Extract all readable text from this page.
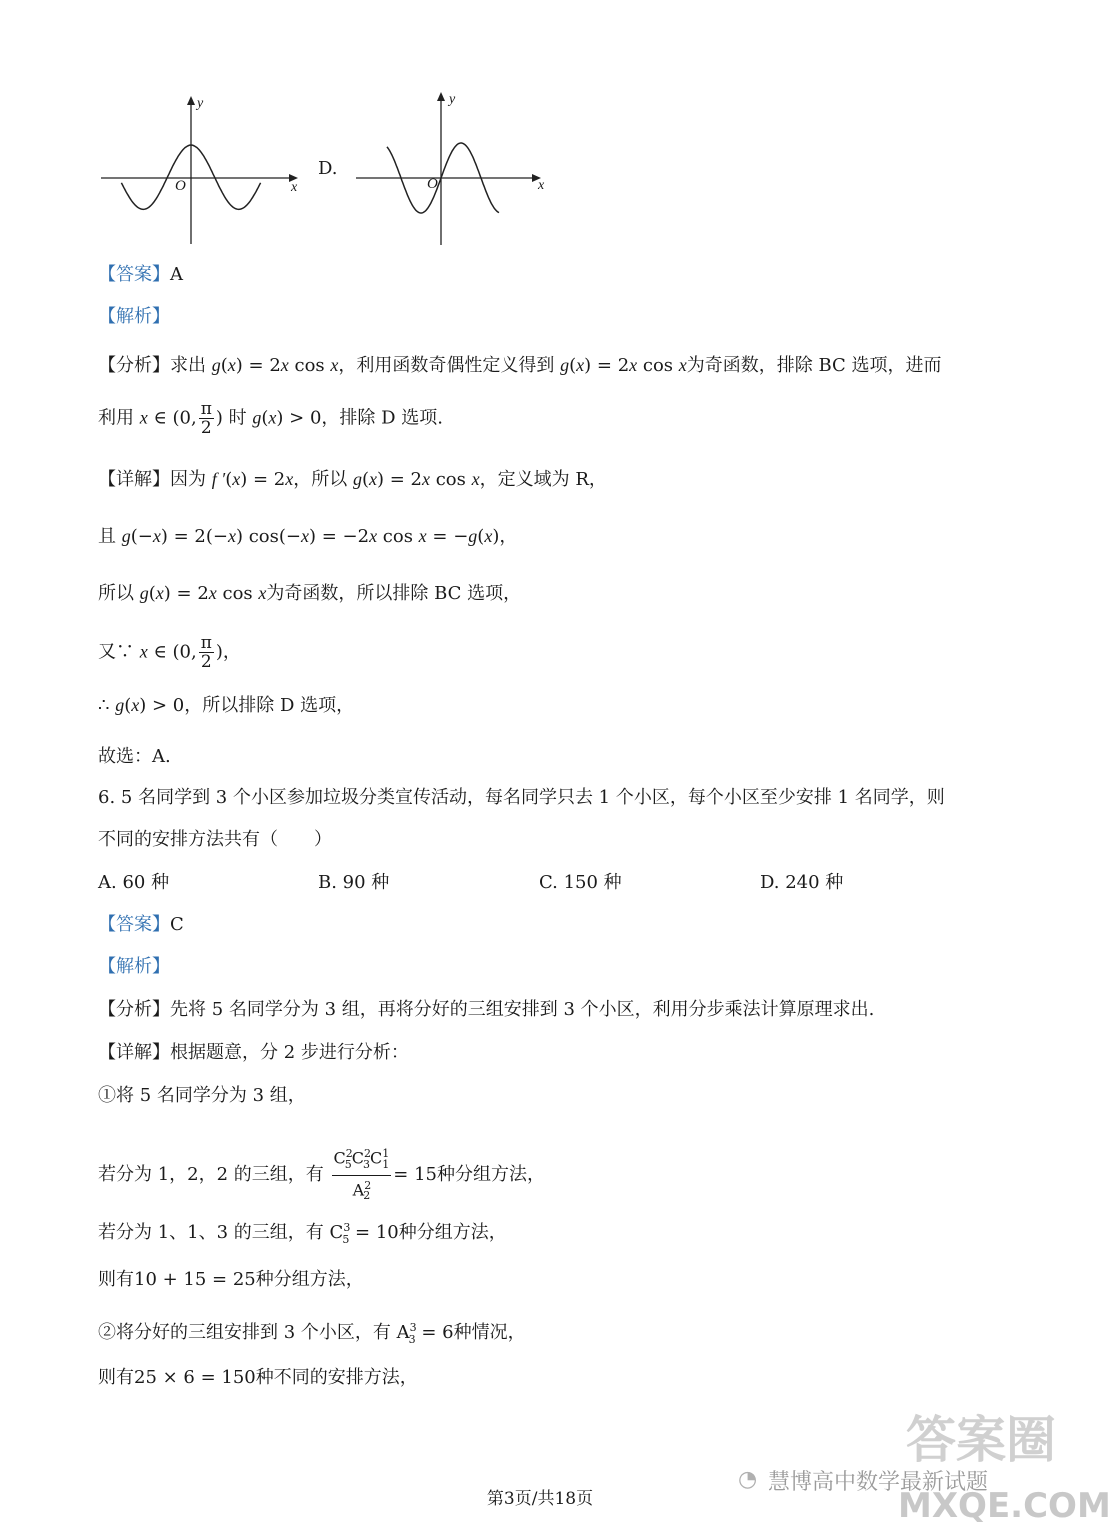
y
O	x
D.
y
O	x
【答案】A
【解析】
【分析】求出 g(x) = 2x cos x，利用函数奇偶性定义得到 g(x) = 2x cos x为奇函数，排除 BC 选项，进而
利用 x ∈ (0, $\frac{\pi}{2}$ ) 时 g(x) > 0，排除 D 选项.
【详解】因为 f ′(x) = 2x，所以 g(x) = 2x cos x，定义域为 R，
且 g(−x) = 2(−x) cos(−x) = −2x cos x = −g(x)，
所以 g(x) = 2x cos x为奇函数，所以排除 BC 选项，
又∵ x ∈ (0, $\frac{\pi}{2}$ )，
∴ g(x) > 0，所以排除 D 选项，
故选：A.
6. 5 名同学到 3 个小区参加垃圾分类宣传活动，每名同学只去 1 个小区，每个小区至少安排 1 名同学，则
不同的安排方法共有（　　）
A. 60 种	B. 90 种	C. 150 种	D. 240 种
【答案】C
【解析】
【分析】先将 5 名同学分为 3 组，再将分好的三组安排到 3 个小区，利用分步乘法计算原理求出.
【详解】根据题意，分 2 步进行分析：
①将 5 名同学分为 3 组，
若分为 1，2，2 的三组，有 $\frac{C^2_5C^2_3C^1_1}{A^2_2} = 15$种分组方法，
若分为 1、1、3 的三组，有 $C^3_5 = 10$种分组方法，
则有10 + 15 = 25种分组方法，
②将分好的三组安排到 3 个小区，有 $A^3_3 = 6$种情况，
则有25 × 6 = 150种不同的安排方法，
第3页/共18页
◔ 慧博高中数学最新试题
答案圈
MXQE.COM
